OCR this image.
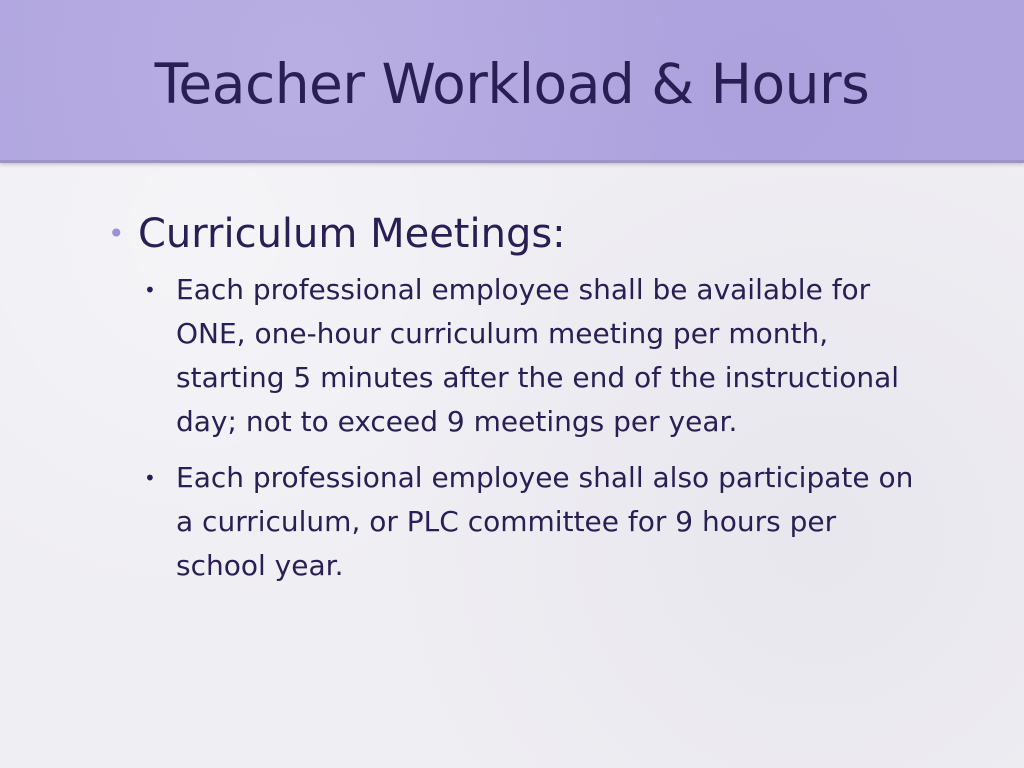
Teacher Workload & Hours
• Curriculum Meetings:
• Each professional employee shall be available for ONE, one-hour curriculum meeting per month, starting 5 minutes after the end of the instructional day; not to exceed 9 meetings per year.
• Each professional employee shall also participate on a curriculum, or PLC committee for 9 hours per school year.
